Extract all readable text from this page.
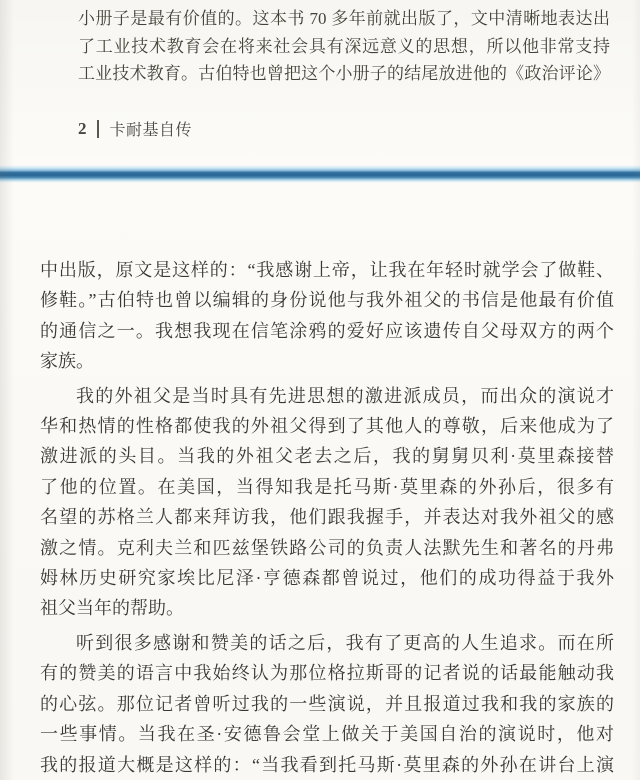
小册子是最有价值的。这本书 70 多年前就出版了，文中清晰地表达出
了工业技术教育会在将来社会具有深远意义的思想，所以他非常支持
工业技术教育。古伯特也曾把这个小册子的结尾放进他的《政治评论》
2 卡耐基自传
中出版，原文是这样的：“我感谢上帝，让我在年轻时就学会了做鞋、
修鞋。”古伯特也曾以编辑的身份说他与我外祖父的书信是他最有价值
的通信之一。我想我现在信笔涂鸦的爱好应该遗传自父母双方的两个
家族。
我的外祖父是当时具有先进思想的激进派成员，而出众的演说才
华和热情的性格都使我的外祖父得到了其他人的尊敬，后来他成为了
激进派的头目。当我的外祖父老去之后，我的舅舅贝利·莫里森接替
了他的位置。在美国，当得知我是托马斯·莫里森的外孙后，很多有
名望的苏格兰人都来拜访我，他们跟我握手，并表达对我外祖父的感
激之情。克利夫兰和匹兹堡铁路公司的负责人法默先生和著名的丹弗
姆林历史研究家埃比尼泽·亨德森都曾说过，他们的成功得益于我外
祖父当年的帮助。
听到很多感谢和赞美的话之后，我有了更高的人生追求。而在所
有的赞美的语言中我始终认为那位格拉斯哥的记者说的话最能触动我
的心弦。那位记者曾听过我的一些演说，并且报道过我和我的家族的
一些事情。当我在圣·安德鲁会堂上做关于美国自治的演说时，他对
我的报道大概是这样的：“当我看到托马斯·莫里森的外孙在讲台上演
